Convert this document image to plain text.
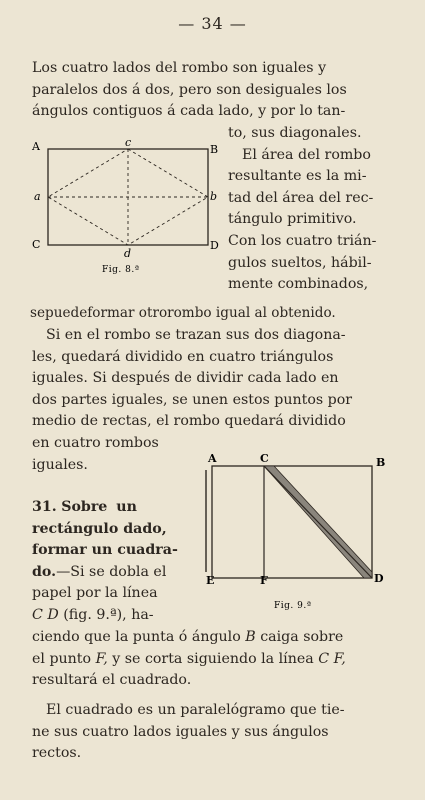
— 34 —
Los cuatro lados del rombo son iguales y
paralelos dos á dos, pero son desiguales los
ángulos contiguos á cada lado, y por lo tan-
to, sus diagonales.
El área del rombo
resultante es la mi-
tad del área del rec-
tángulo primitivo.
Con los cuatro trián-
gulos sueltos, hábil-
mente combinados,
sepuedeformar otrorombo igual al obtenido.
A	B
C	D
a	b
c
d
Fig. 8.ª
Si en el rombo se trazan sus dos diagona-
les, quedará dividido en cuatro triángulos
iguales. Si después de dividir cada lado en
dos partes iguales, se unen estos puntos por
medio de rectas, el rombo quedará dividido
en cuatro rombos
iguales.	A	C	B
E	F	D
Fig. 9.ª
31. Sobre un
rectángulo dado,
formar un cuadra-
do.—Si se dobla el
papel por la línea
C D (fig. 9.ª), ha-
ciendo que la punta ó ángulo B caiga sobre
el punto F, y se corta siguiendo la línea C F,
resultará el cuadrado.
El cuadrado es un paralelógramo que tie-
ne sus cuatro lados iguales y sus ángulos
rectos.
